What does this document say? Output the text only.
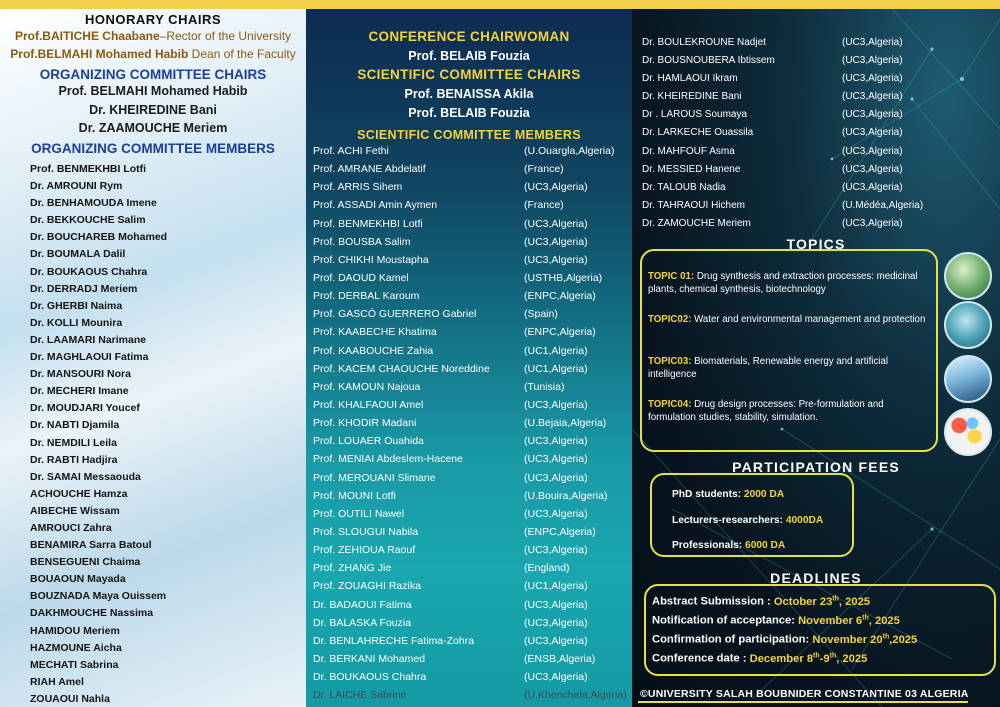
HONORARY CHAIRS
Prof.BAITICHE Chaabane–Rector of the University
Prof.BELMAHI Mohamed Habib Dean of the Faculty
ORGANIZING COMMITTEE CHAIRS
Prof. BELMAHI Mohamed Habib
Dr. KHEIREDINE Bani
Dr. ZAAMOUCHE Meriem
ORGANIZING COMMITTEE MEMBERS
Prof. BENMEKHBI Lotfi
Dr. AMROUNI Rym
Dr. BENHAMOUDA Imene
Dr. BEKKOUCHE Salim
Dr. BOUCHAREB Mohamed
Dr. BOUMALA Dalil
Dr. BOUKAOUS Chahra
Dr. DERRADJ Meriem
Dr. GHERBI Naima
Dr. KOLLI Mounira
Dr. LAAMARI Narimane
Dr. MAGHLAOUI Fatima
Dr. MANSOURI Nora
Dr. MECHERI Imane
Dr. MOUDJARI Youcef
Dr. NABTI Djamila
Dr. NEMDILI Leila
Dr. RABTI Hadjira
Dr. SAMAI Messaouda
ACHOUCHE Hamza
AIBECHE Wissam
AMROUCI Zahra
BENAMIRA Sarra Batoul
BENSEGUENI Chaima
BOUAOUN Mayada
BOUZNADA Maya Ouissem
DAKHMOUCHE Nassima
HAMIDOU Meriem
HAZMOUNE Aicha
MECHATI Sabrina
RIAH Amel
ZOUAOUI Nahla
CONFERENCE CHAIRWOMAN
Prof. BELAIB Fouzia
SCIENTIFIC COMMITTEE CHAIRS
Prof. BENAISSA Akila
Prof. BELAIB Fouzia
SCIENTIFIC COMMITTEE MEMBERS
Prof. ACHI Fethi	(U.Ouargla,Algeria)
Prof. AMRANE Abdelatif	(France)
Prof. ARRIS Sihem	(UC3,Algeria)
Prof. ASSADI Amin Aymen	(France)
Prof. BENMEKHBI Lotfi	(UC3,Algeria)
Prof. BOUSBA Salim	(UC3,Algeria)
Prof. CHIKHI Moustapha	(UC3,Algeria)
Prof. DAOUD Kamel	(USTHB,Algeria)
Prof. DERBAL Karoum	(ENPC,Algeria)
Prof. GASCÓ GUERRERO Gabriel	(Spain)
Prof. KAABECHE Khatima	(ENPC,Algeria)
Prof. KAABOUCHE Zahia	(UC1,Algeria)
Prof. KACEM CHAOUCHE Noreddine	(UC1,Algeria)
Prof. KAMOUN Najoua	(Tunisia)
Prof. KHALFAOUI Amel	(UC3,Algeria)
Prof. KHODIR Madani	(U.Bejaia,Algeria)
Prof. LOUAER Ouahida	(UC3,Algeria)
Prof. MENIAI Abdeslem-Hacene	(UC3,Algeria)
Prof. MEROUANI Slimane	(UC3,Algeria)
Prof. MOUNI Lotfi	(U.Bouira,Algeria)
Prof. OUTILI Nawel	(UC3,Algeria)
Prof. SLOUGUI Nabila	(ENPC,Algeria)
Prof. ZEHIOUA Raouf	(UC3,Algeria)
Prof. ZHANG Jie	(England)
Prof. ZOUAGHI Razika	(UC1,Algeria)
Dr. BADAOUI Fatima	(UC3,Algeria)
Dr. BALASKA Fouzia	(UC3,Algeria)
Dr. BENLAHRECHE Fatima-Zohra	(UC3,Algeria)
Dr. BERKANI Mohamed	(ENSB,Algeria)
Dr. BOUKAOUS Chahra	(UC3,Algeria)
Dr. LAICHE Sabrine	(U.Khenchela,Algeria)
Dr. BOULEKROUNE Nadjet	(UC3,Algeria)
Dr. BOUSNOUBERA Ibtissem	(UC3,Algeria)
Dr. HAMLAOUI Ikram	(UC3,Algeria)
Dr. KHEIREDINE Bani	(UC3,Algeria)
Dr . LAROUS Soumaya	(UC3,Algeria)
Dr. LARKECHE Ouassila	(UC3,Algeria)
Dr. MAHFOUF Asma	(UC3,Algeria)
Dr. MESSIED Hanene	(UC3,Algeria)
Dr. TALOUB Nadia	(UC3,Algeria)
Dr. TAHRAOUI Hichem	(U.Médéa,Algeria)
Dr. ZAMOUCHE Meriem	(UC3,Algeria)
TOPICS
TOPIC 01: Drug synthesis and extraction processes: medicinal plants, chemical synthesis, biotechnology
TOPIC02: Water and environmental management and protection
TOPIC03: Biomaterials, Renewable energy and artificial intelligence
TOPIC04: Drug design processes: Pre-formulation and formulation studies, stability, simulation.
PARTICIPATION FEES
PhD students: 2000 DA
Lecturers-researchers: 4000DA
Professionals: 6000 DA
DEADLINES
Abstract Submission : October 23th, 2025
Notification of acceptance: November 6th, 2025
Confirmation of participation: November 20th,2025
Conference date : December 8th-9th, 2025
©UNIVERSITY SALAH BOUBNIDER CONSTANTINE 03 ALGERIA
